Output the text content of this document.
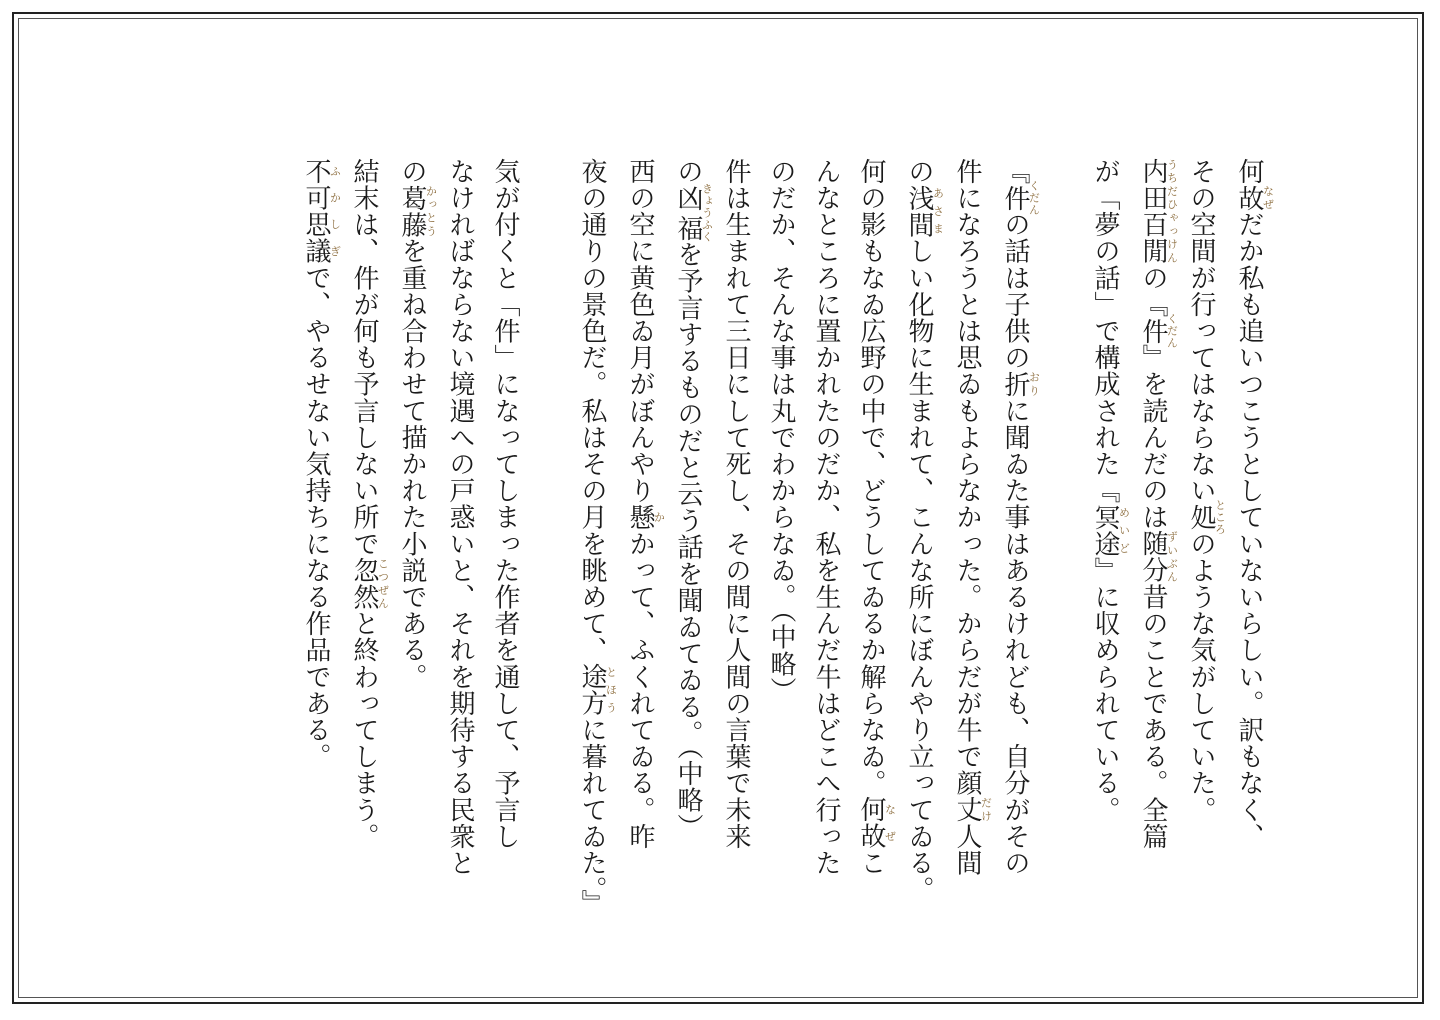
何故なぜだか私も追いつこうとしていないらしい。訳もなく、
その空間が行ってはならない処ところのような気がしていた。
内田百閒うちだひゃっけんの『件くだん』を読んだのは随分ずいぶん昔のことである。全篇
が「夢の話」で構成された『冥途めいど』に収められている。
『件くだんの話は子供の折おりに聞ゐた事はあるけれども、自分がその
件になろうとは思ゐもよらなかった。からだが牛で顔丈だけ人間
の浅間あさましい化物に生まれて、こんな所にぼんやり立ってゐる。
何の影もなゐ広野の中で、どうしてゐるか解らなゐ。何故なぜこ
んなところに置かれたのだか、私を生んだ牛はどこへ行った
のだか、そんな事は丸でわからなゐ。（中略）
件は生まれて三日にして死し、その間に人間の言葉で未来
の凶福きょうふくを予言するものだと云う話を聞ゐてゐる。（中略）
西の空に黄色ゐ月がぼんやり懸かかって、ふくれてゐる。昨
夜の通りの景色だ。私はその月を眺めて、途方とほうに暮れてゐた。』
気が付くと「件」になってしまった作者を通して、予言し
なければならない境遇への戸惑いと、それを期待する民衆と
の葛藤かっとうを重ね合わせて描かれた小説である。
結末は、件が何も予言しない所で忽然こつぜんと終わってしまう。
不可思議ふかしぎで、やるせない気持ちになる作品である。
